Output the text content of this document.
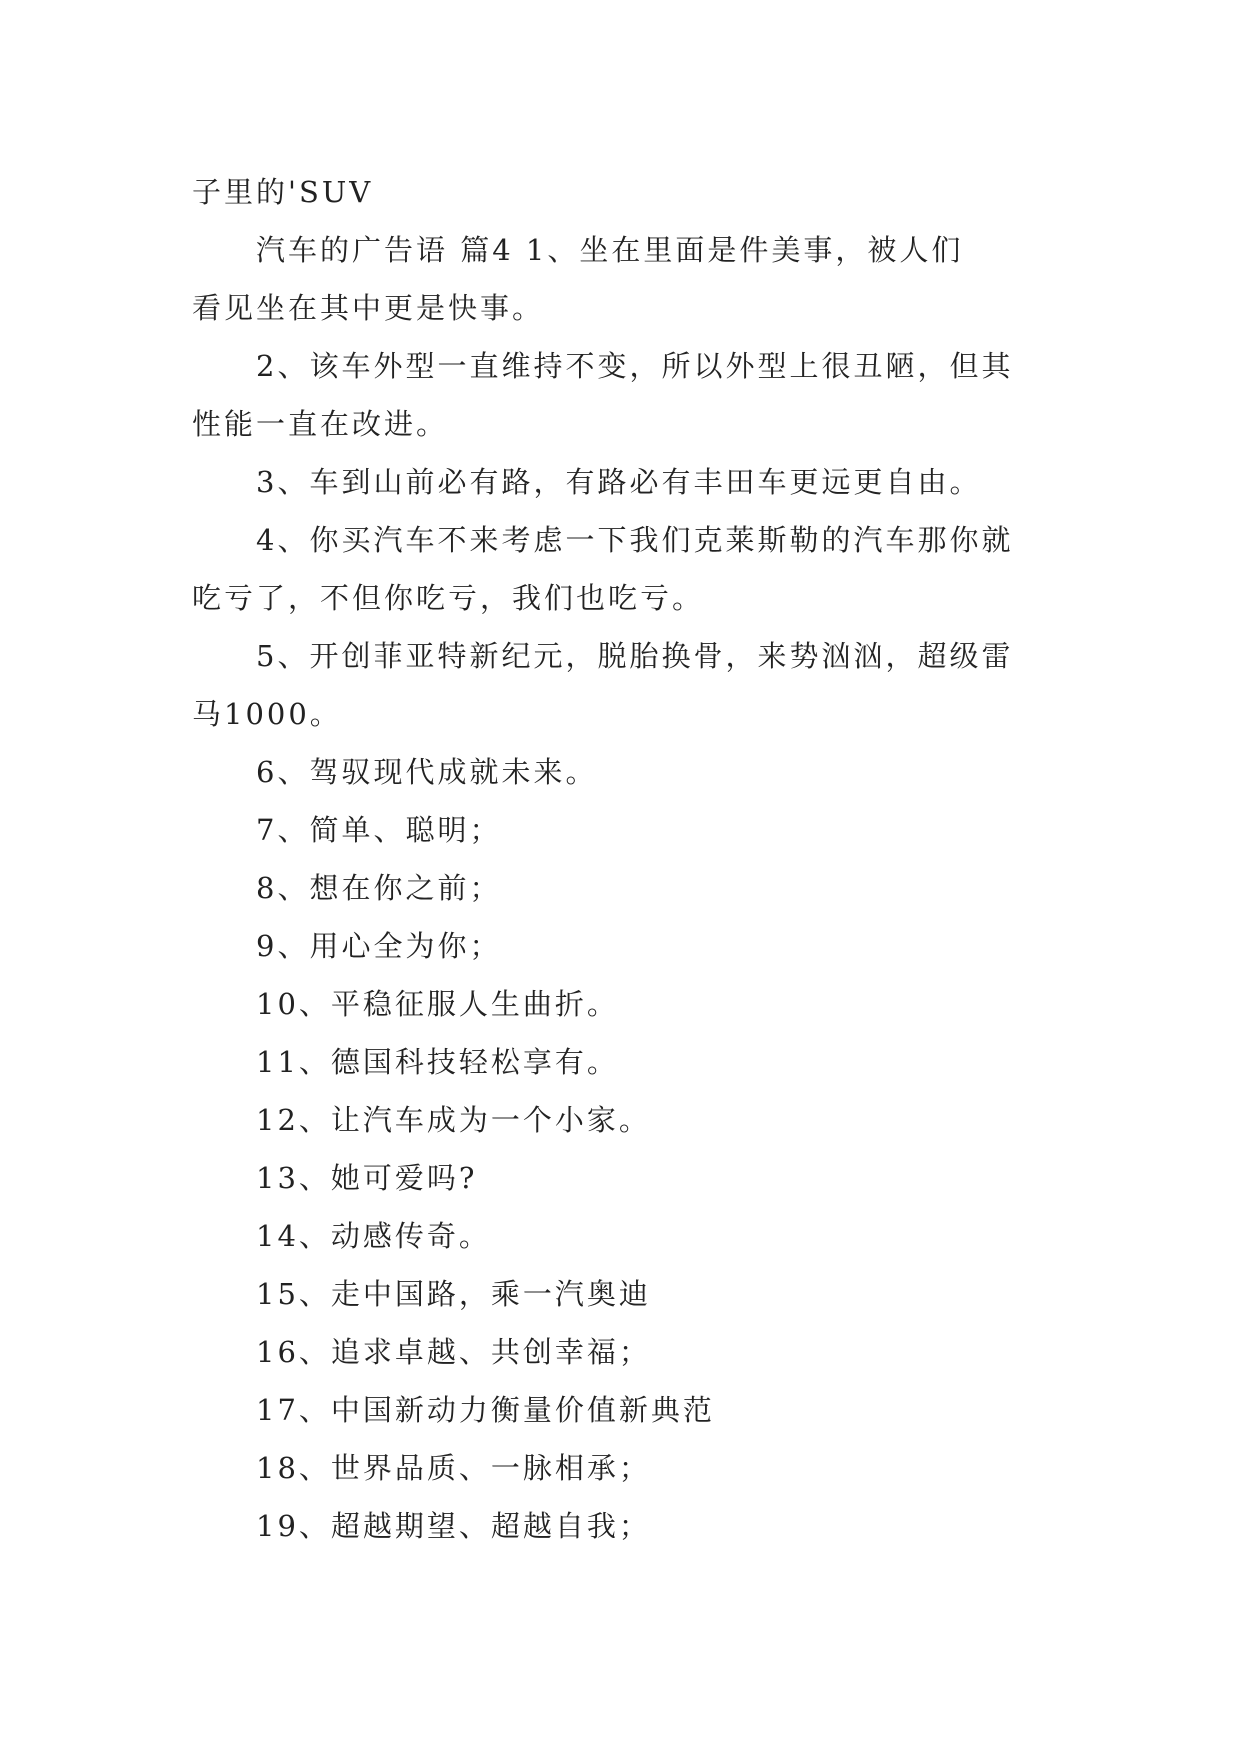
子里的'SUV

汽车的广告语 篇4 1、坐在里面是件美事，被人们

看见坐在其中更是快事。

2、该车外型一直维持不变，所以外型上很丑陋，但其

性能一直在改进。

3、车到山前必有路，有路必有丰田车更远更自由。

4、你买汽车不来考虑一下我们克莱斯勒的汽车那你就

吃亏了，不但你吃亏，我们也吃亏。

5、开创菲亚特新纪元，脱胎换骨，来势汹汹，超级雷

马1000。

6、驾驭现代成就未来。

7、简单、聪明；

8、想在你之前；

9、用心全为你；

10、平稳征服人生曲折。

11、德国科技轻松享有。

12、让汽车成为一个小家。

13、她可爱吗?

14、动感传奇。

15、走中国路，乘一汽奥迪

16、追求卓越、共创幸福；

17、中国新动力衡量价值新典范

18、世界品质、一脉相承；

19、超越期望、超越自我；
